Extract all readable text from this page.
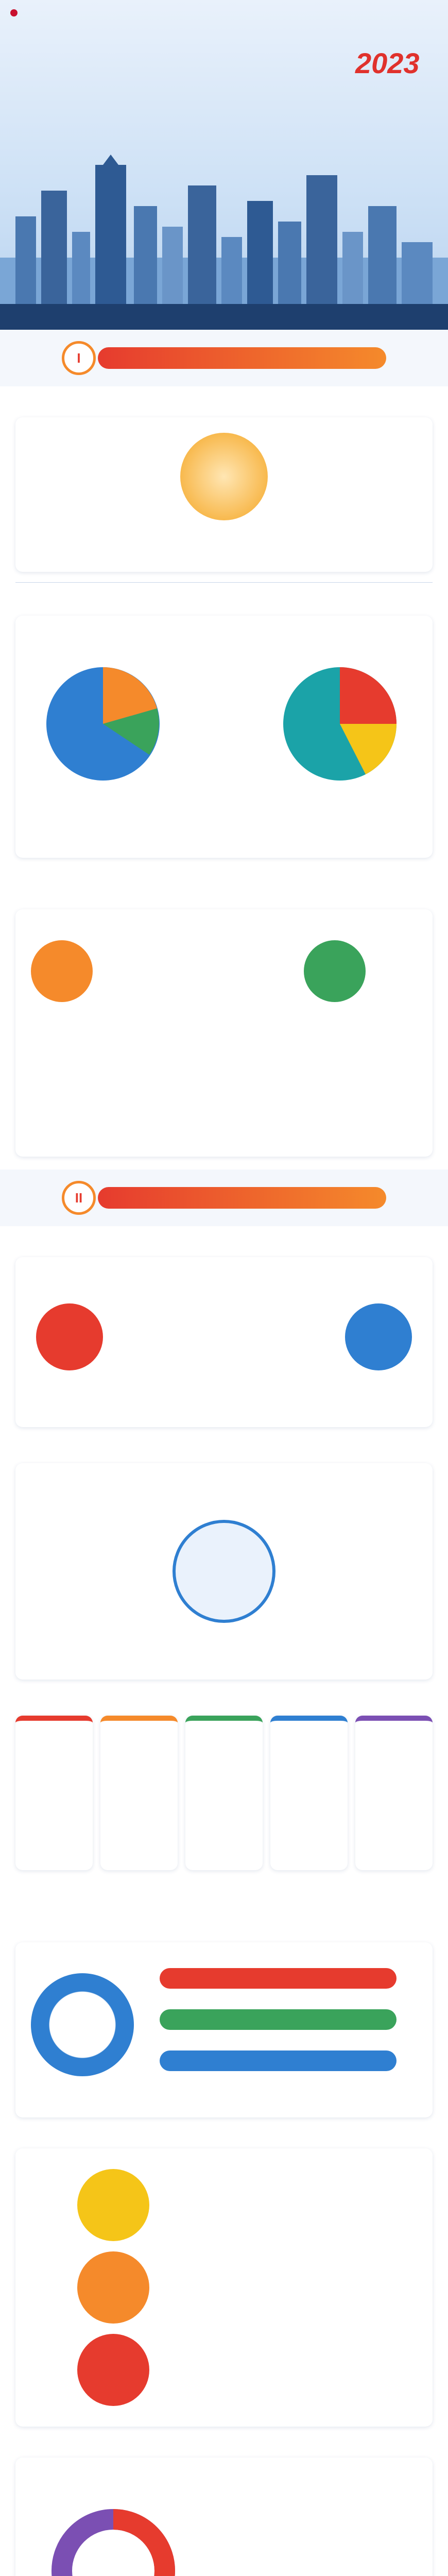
2023
I
II
